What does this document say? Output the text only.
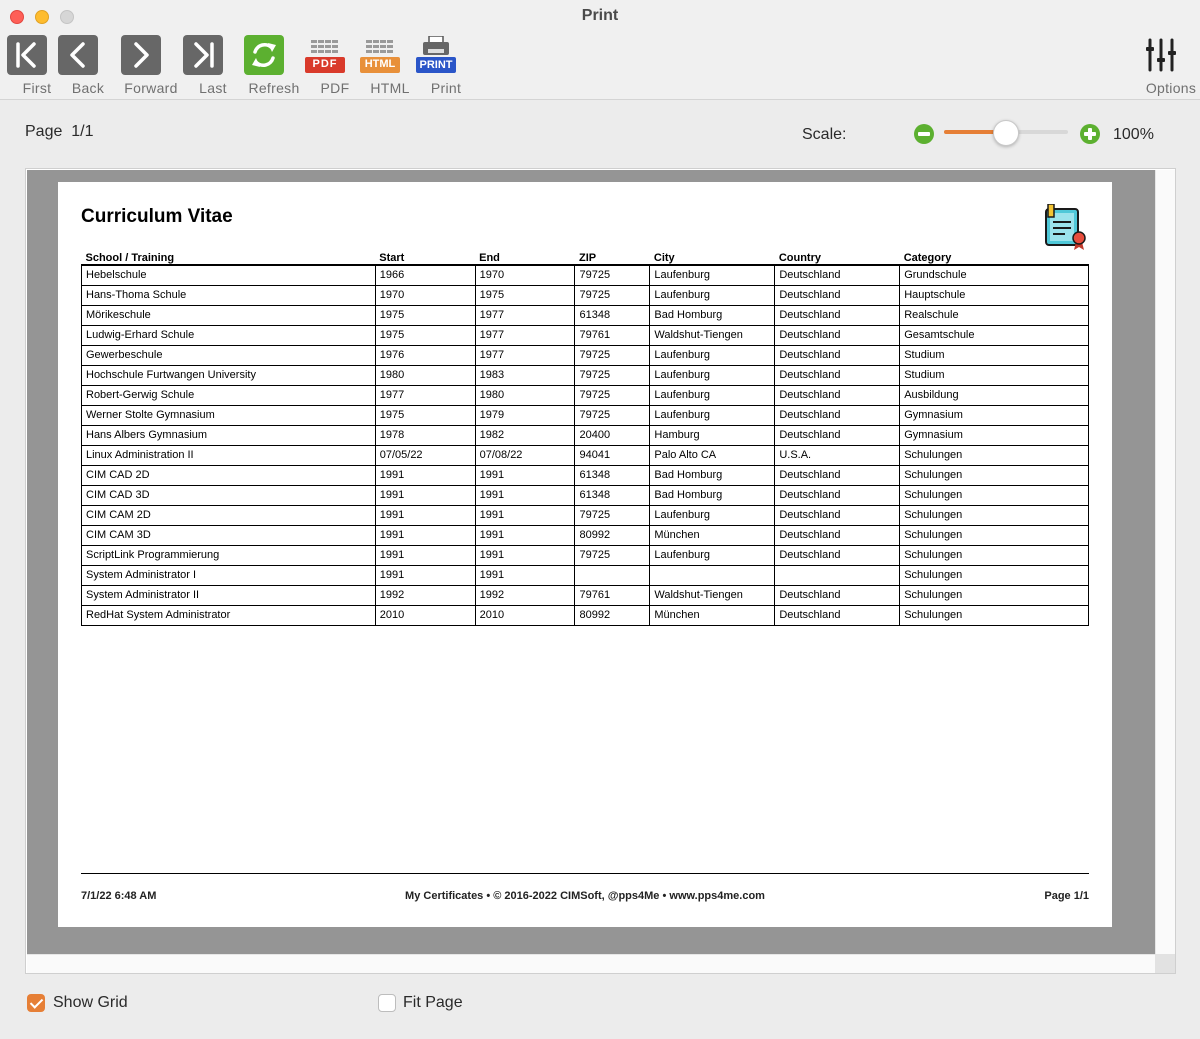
Print
First	Back	Forward	Last	Refresh
PDF
PDF
HTML
HTML
PRINT
Print	Options
Page 1/1	Scale:	100%
Curriculum Vitae
School / Training	Start	End	ZIP	City	Country	Category
Hebelschule	1966	1970	79725	Laufenburg	Deutschland	Grundschule
Hans-Thoma Schule	1970	1975	79725	Laufenburg	Deutschland	Hauptschule
Mörikeschule	1975	1977	61348	Bad Homburg	Deutschland	Realschule
Ludwig-Erhard Schule	1975	1977	79761	Waldshut-Tiengen	Deutschland	Gesamtschule
Gewerbeschule	1976	1977	79725	Laufenburg	Deutschland	Studium
Hochschule Furtwangen University	1980	1983	79725	Laufenburg	Deutschland	Studium
Robert-Gerwig Schule	1977	1980	79725	Laufenburg	Deutschland	Ausbildung
Werner Stolte Gymnasium	1975	1979	79725	Laufenburg	Deutschland	Gymnasium
Hans Albers Gymnasium	1978	1982	20400	Hamburg	Deutschland	Gymnasium
Linux Administration II	07/05/22	07/08/22	94041	Palo Alto CA	U.S.A.	Schulungen
CIM CAD 2D	1991	1991	61348	Bad Homburg	Deutschland	Schulungen
CIM CAD 3D	1991	1991	61348	Bad Homburg	Deutschland	Schulungen
CIM CAM 2D	1991	1991	79725	Laufenburg	Deutschland	Schulungen
CIM CAM 3D	1991	1991	80992	München	Deutschland	Schulungen
ScriptLink Programmierung	1991	1991	79725	Laufenburg	Deutschland	Schulungen
System Administrator I	1991	1991				Schulungen
System Administrator II	1992	1992	79761	Waldshut-Tiengen	Deutschland	Schulungen
RedHat System Administrator	2010	2010	80992	München	Deutschland	Schulungen
7/1/22 6:48 AM	My Certificates • © 2016-2022 CIMSoft, @pps4Me • www.pps4me.com	Page 1/1
Show Grid	Fit Page
